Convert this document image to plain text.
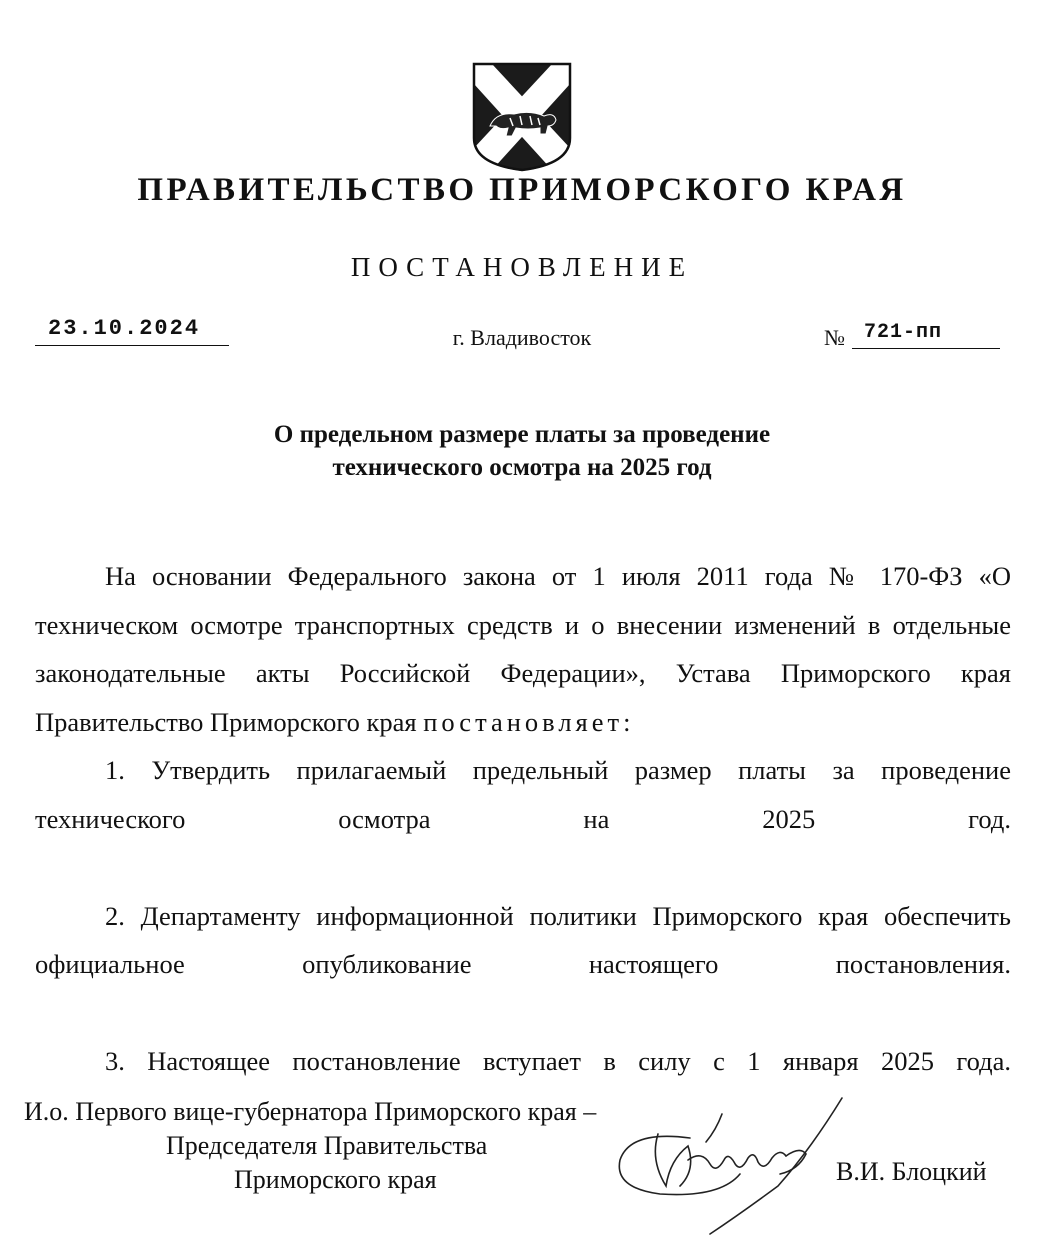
ПРАВИТЕЛЬСТВО ПРИМОРСКОГО КРАЯ
ПОСТАНОВЛЕНИЕ
23.10.2024	г. Владивосток	№ 721-пп
О предельном размере платы за проведение
технического осмотра на 2025 год

На основании Федерального закона от 1 июля 2011 года № 170-ФЗ «О техническом осмотре транспортных средств и о внесении изменений в отдельные законодательные акты Российской Федерации», Устава Приморского края Правительство Приморского края постановляет:

1. Утвердить прилагаемый предельный размер платы за проведение технического осмотра на 2025 год.

2. Департаменту информационной политики Приморского края обеспечить официальное опубликование настоящего постановления.

3. Настоящее постановление вступает в силу с 1 января 2025 года.

И.о. Первого вице-губернатора Приморского края –
Председателя Правительства
Приморского края	В.И. Блоцкий
